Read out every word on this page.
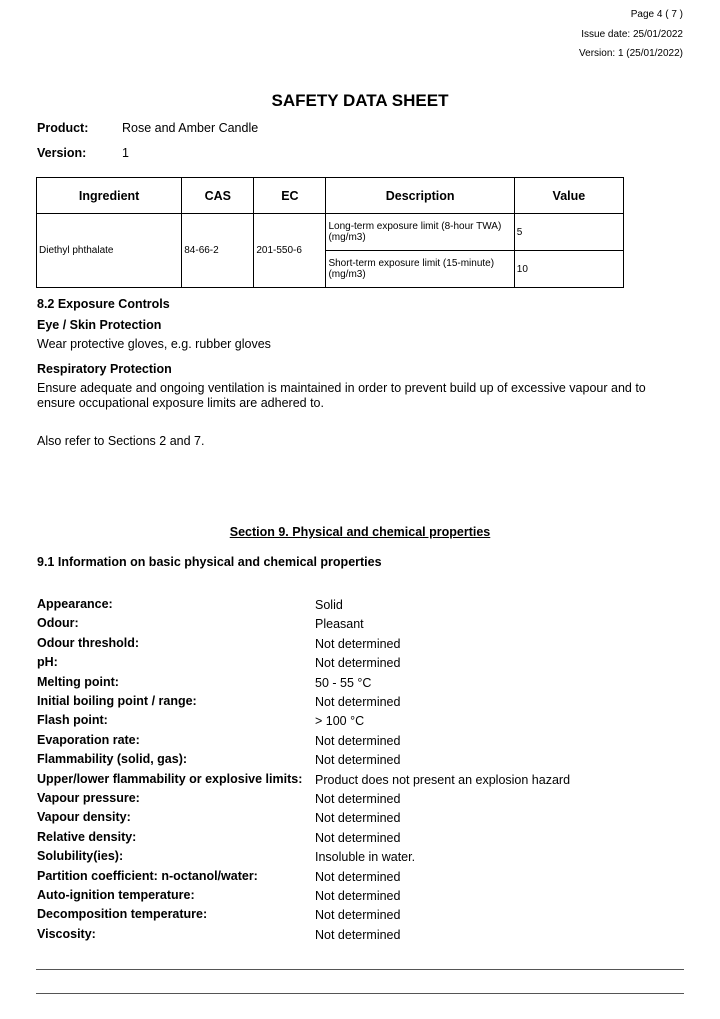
Page 4 ( 7 )
Issue date: 25/01/2022
Version: 1 (25/01/2022)
SAFETY DATA SHEET
Product:	Rose and Amber Candle
Version:	1
Ingredient	CAS	EC	Description	Value
Diethyl phthalate	84-66-2	201-550-6	Long-term exposure limit (8-hour TWA) (mg/m3)	5
			Short-term exposure limit (15-minute) (mg/m3)	10
8.2 Exposure Controls
Eye / Skin Protection
Wear protective gloves, e.g. rubber gloves
Respiratory Protection
Ensure adequate and ongoing ventilation is maintained in order to prevent build up of excessive vapour and to ensure occupational exposure limits are adhered to.
Also refer to Sections 2 and 7.
Section 9. Physical and chemical properties
9.1 Information on basic physical and chemical properties
Appearance:	Solid
Odour:	Pleasant
Odour threshold:	Not determined
pH:	Not determined
Melting point:	50 - 55 °C
Initial boiling point / range:	Not determined
Flash point:	> 100 °C
Evaporation rate:	Not determined
Flammability (solid, gas):	Not determined
Upper/lower flammability or explosive limits: Product does not present an explosion hazard
Vapour pressure:	Not determined
Vapour density:	Not determined
Relative density:	Not determined
Solubility(ies):	Insoluble in water.
Partition coefficient: n-octanol/water:	Not determined
Auto-ignition temperature:	Not determined
Decomposition temperature:	Not determined
Viscosity:	Not determined
